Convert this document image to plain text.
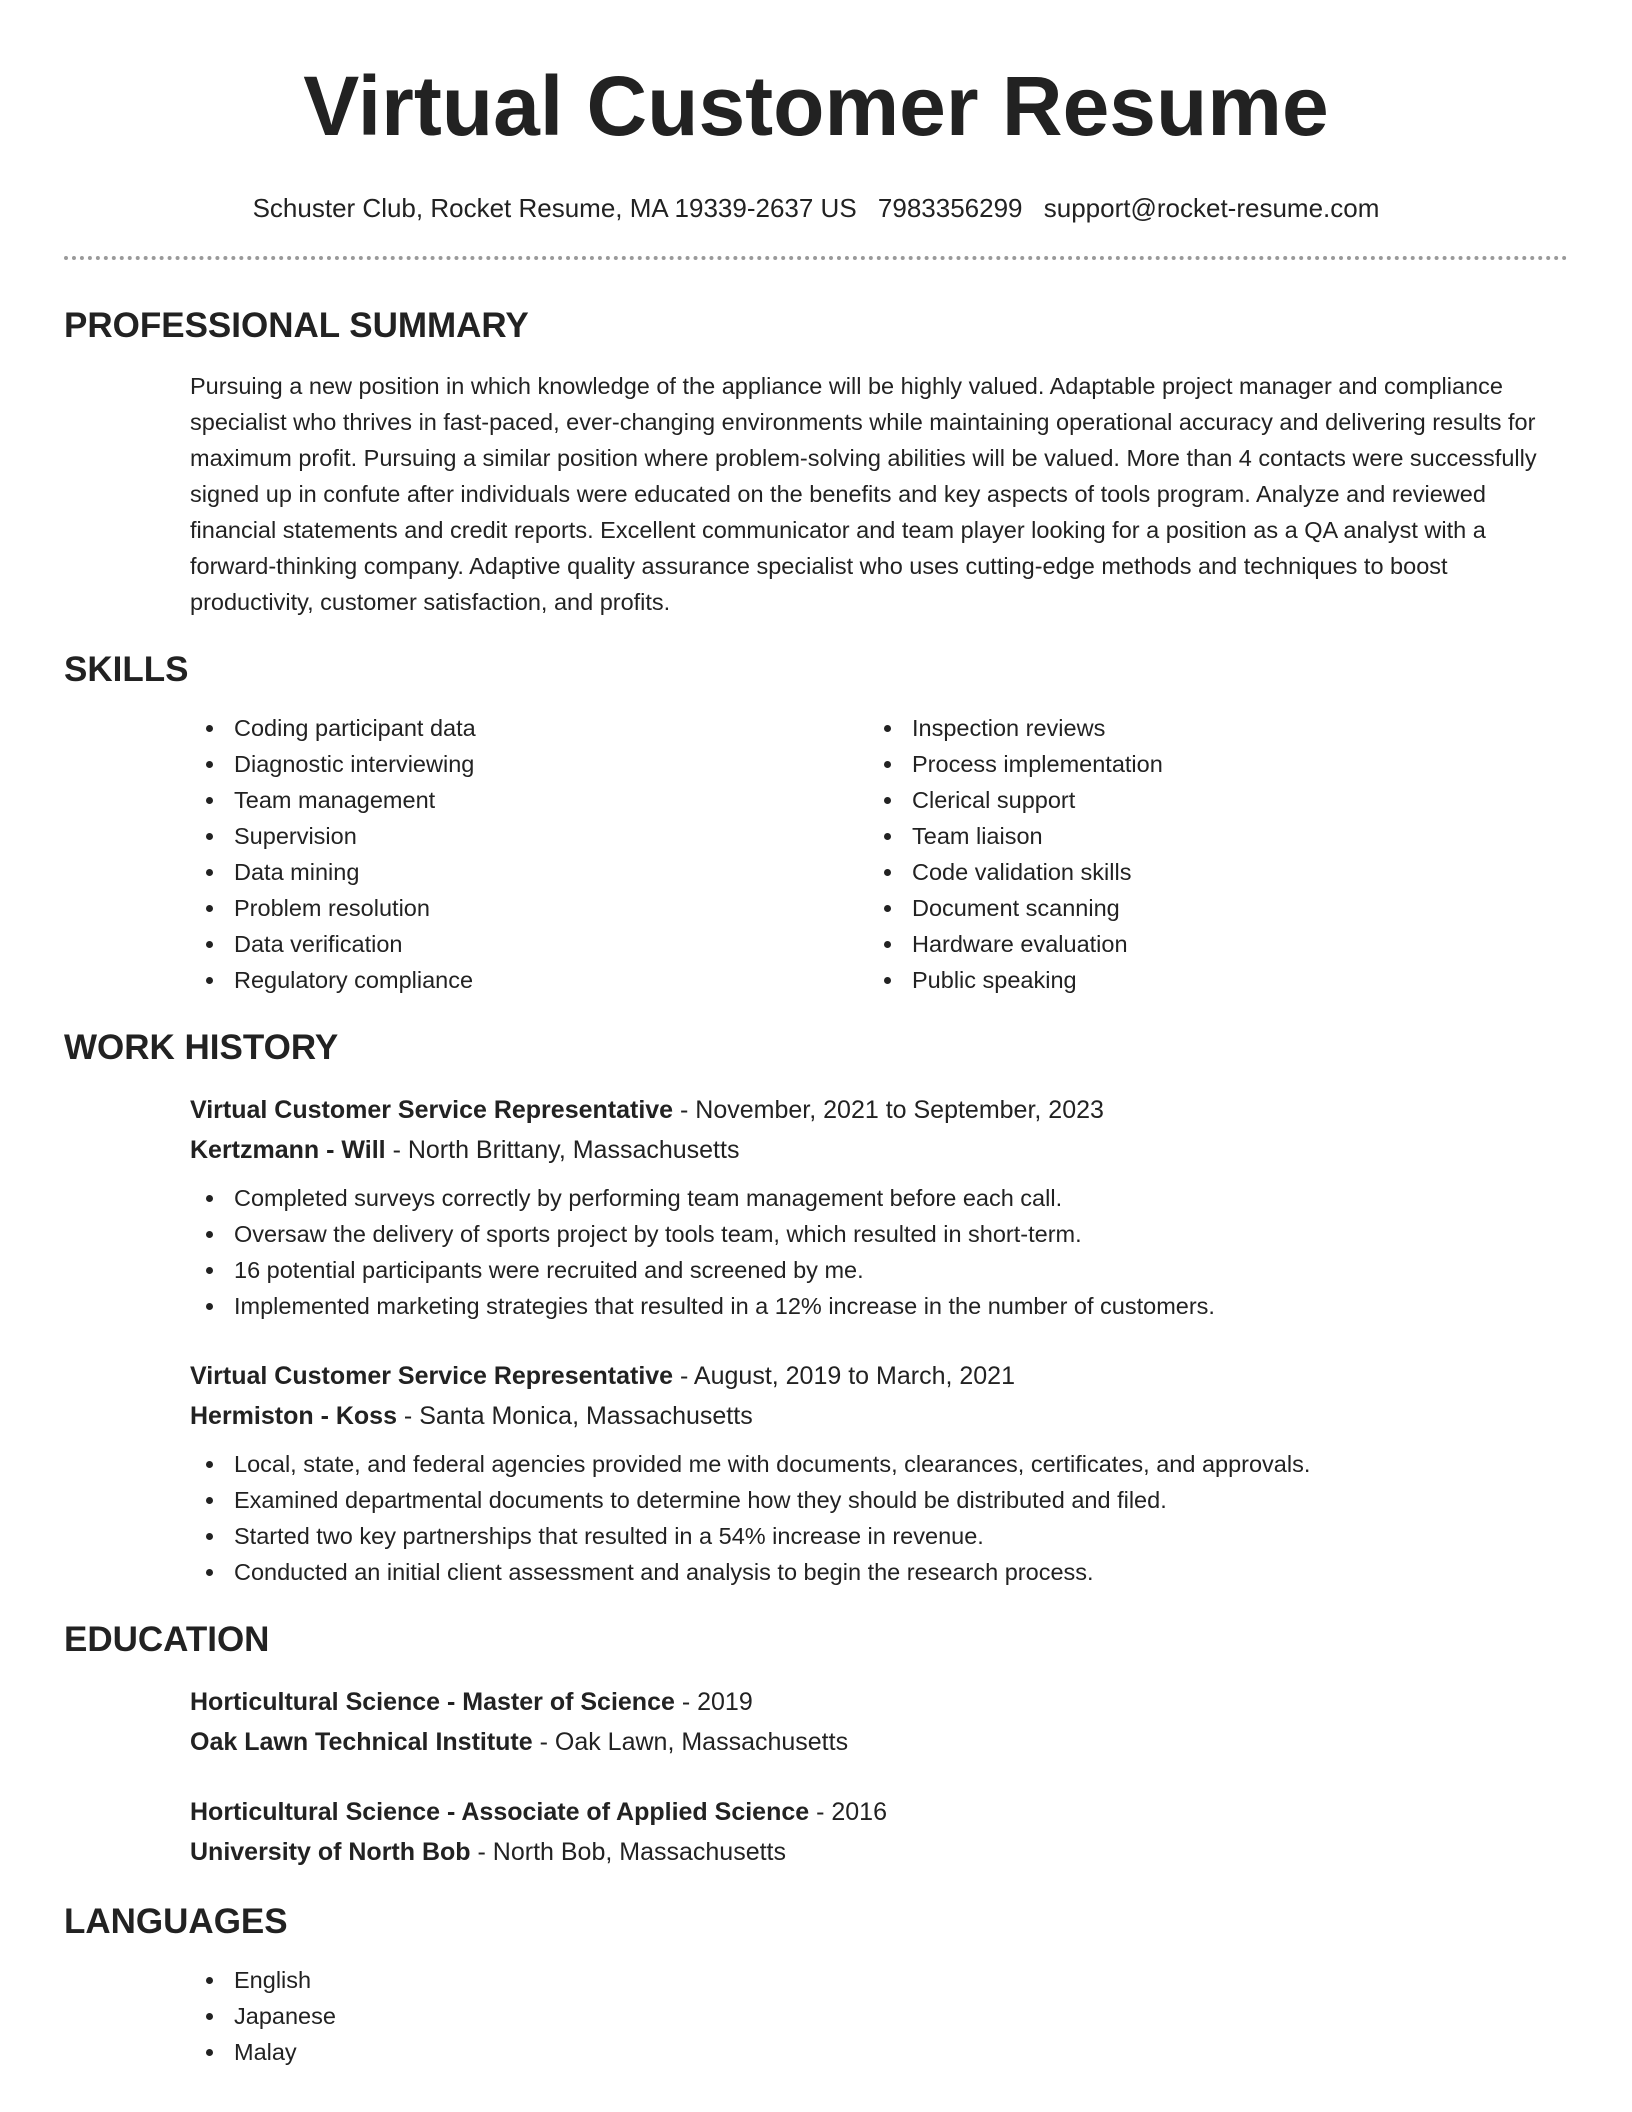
Virtual Customer Resume
Schuster Club, Rocket Resume, MA 19339-2637 US 7983356299 support@rocket-resume.com
PROFESSIONAL SUMMARY

Pursuing a new position in which knowledge of the appliance will be highly valued. Adaptable project manager and compliance specialist who thrives in fast-paced, ever-changing environments while maintaining operational accuracy and delivering results for maximum profit. Pursuing a similar position where problem-solving abilities will be valued. More than 4 contacts were successfully signed up in confute after individuals were educated on the benefits and key aspects of tools program. Analyze and reviewed financial statements and credit reports. Excellent communicator and team player looking for a position as a QA analyst with a forward-thinking company. Adaptive quality assurance specialist who uses cutting-edge methods and techniques to boost productivity, customer satisfaction, and profits.

SKILLS
Coding participant data
Diagnostic interviewing
Team management
Supervision
Data mining
Problem resolution
Data verification
Regulatory compliance
Inspection reviews
Process implementation
Clerical support
Team liaison
Code validation skills
Document scanning
Hardware evaluation
Public speaking
WORK HISTORY
Virtual Customer Service Representative - November, 2021 to September, 2023
Kertzmann - Will - North Brittany, Massachusetts
Completed surveys correctly by performing team management before each call.
Oversaw the delivery of sports project by tools team, which resulted in short-term.
16 potential participants were recruited and screened by me.
Implemented marketing strategies that resulted in a 12% increase in the number of customers.
Virtual Customer Service Representative - August, 2019 to March, 2021
Hermiston - Koss - Santa Monica, Massachusetts
Local, state, and federal agencies provided me with documents, clearances, certificates, and approvals.
Examined departmental documents to determine how they should be distributed and filed.
Started two key partnerships that resulted in a 54% increase in revenue.
Conducted an initial client assessment and analysis to begin the research process.
EDUCATION
Horticultural Science - Master of Science - 2019
Oak Lawn Technical Institute - Oak Lawn, Massachusetts
Horticultural Science - Associate of Applied Science - 2016
University of North Bob - North Bob, Massachusetts
LANGUAGES
English
Japanese
Malay
